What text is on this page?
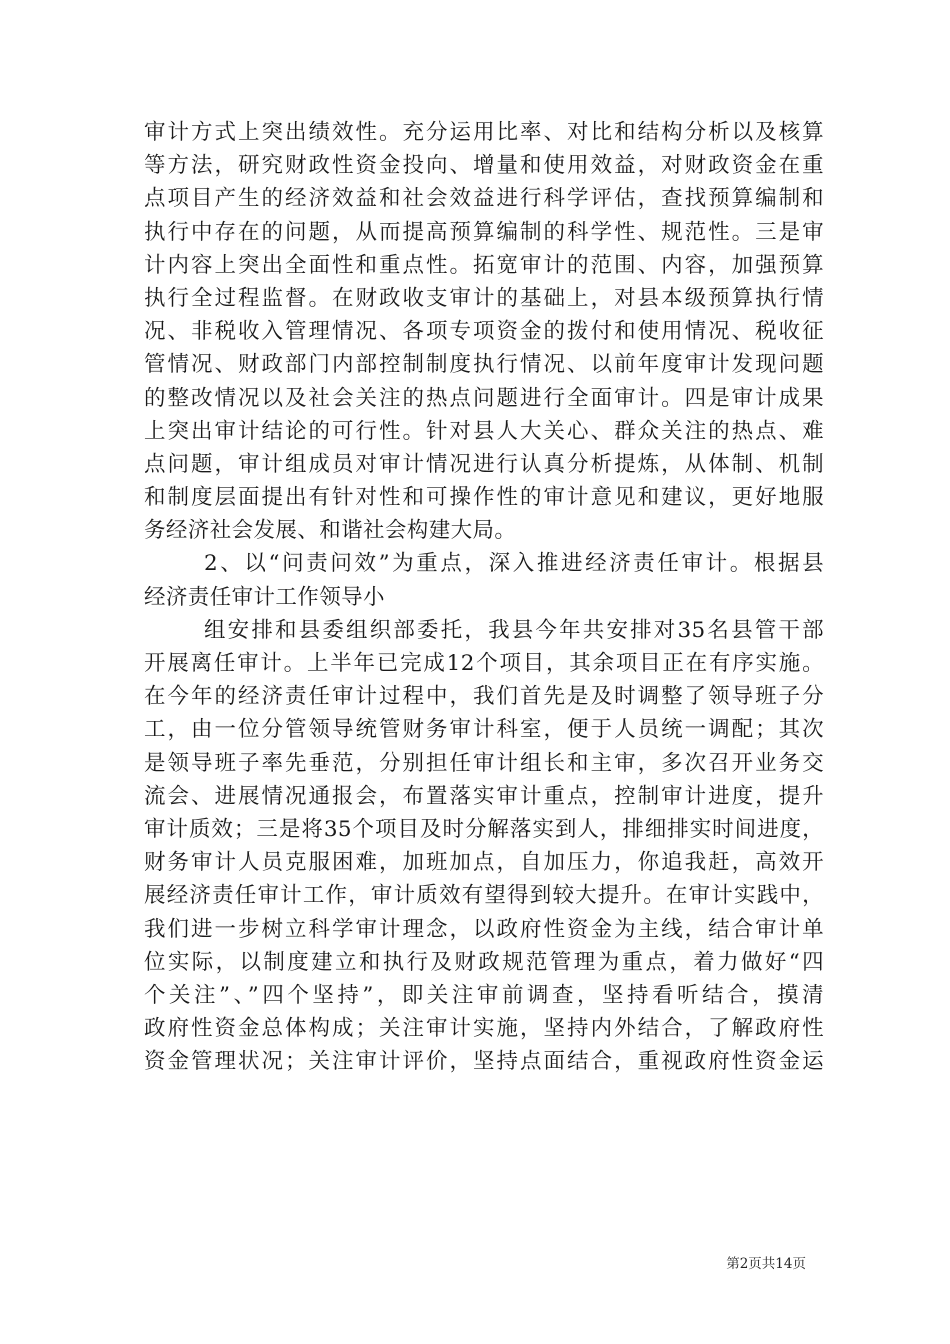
审计方式上突出绩效性。充分运用比率、对比和结构分析以及核算
等方法，研究财政性资金投向、增量和使用效益，对财政资金在重
点项目产生的经济效益和社会效益进行科学评估，查找预算编制和
执行中存在的问题，从而提高预算编制的科学性、规范性。三是审
计内容上突出全面性和重点性。拓宽审计的范围、内容，加强预算
执行全过程监督。在财政收支审计的基础上，对县本级预算执行情
况、非税收入管理情况、各项专项资金的拨付和使用情况、税收征
管情况、财政部门内部控制制度执行情况、以前年度审计发现问题
的整改情况以及社会关注的热点问题进行全面审计。四是审计成果
上突出审计结论的可行性。针对县人大关心、群众关注的热点、难
点问题，审计组成员对审计情况进行认真分析提炼，从体制、机制
和制度层面提出有针对性和可操作性的审计意见和建议，更好地服
务经济社会发展、和谐社会构建大局。
2、以“问责问效”为重点，深入推进经济责任审计。根据县
经济责任审计工作领导小
组安排和县委组织部委托，我县今年共安排对35名县管干部
开展离任审计。上半年已完成12个项目，其余项目正在有序实施。
在今年的经济责任审计过程中，我们首先是及时调整了领导班子分
工，由一位分管领导统管财务审计科室，便于人员统一调配；其次
是领导班子率先垂范，分别担任审计组长和主审，多次召开业务交
流会、进展情况通报会，布置落实审计重点，控制审计进度，提升
审计质效；三是将35个项目及时分解落实到人，排细排实时间进度，
财务审计人员克服困难，加班加点，自加压力，你追我赶，高效开
展经济责任审计工作，审计质效有望得到较大提升。在审计实践中，
我们进一步树立科学审计理念，以政府性资金为主线，结合审计单
位实际，以制度建立和执行及财政规范管理为重点，着力做好“四
个关注”、”四个坚持”，即关注审前调查，坚持看听结合，摸清
政府性资金总体构成；关注审计实施，坚持内外结合，了解政府性
资金管理状况；关注审计评价，坚持点面结合，重视政府性资金运
第2页共14页
